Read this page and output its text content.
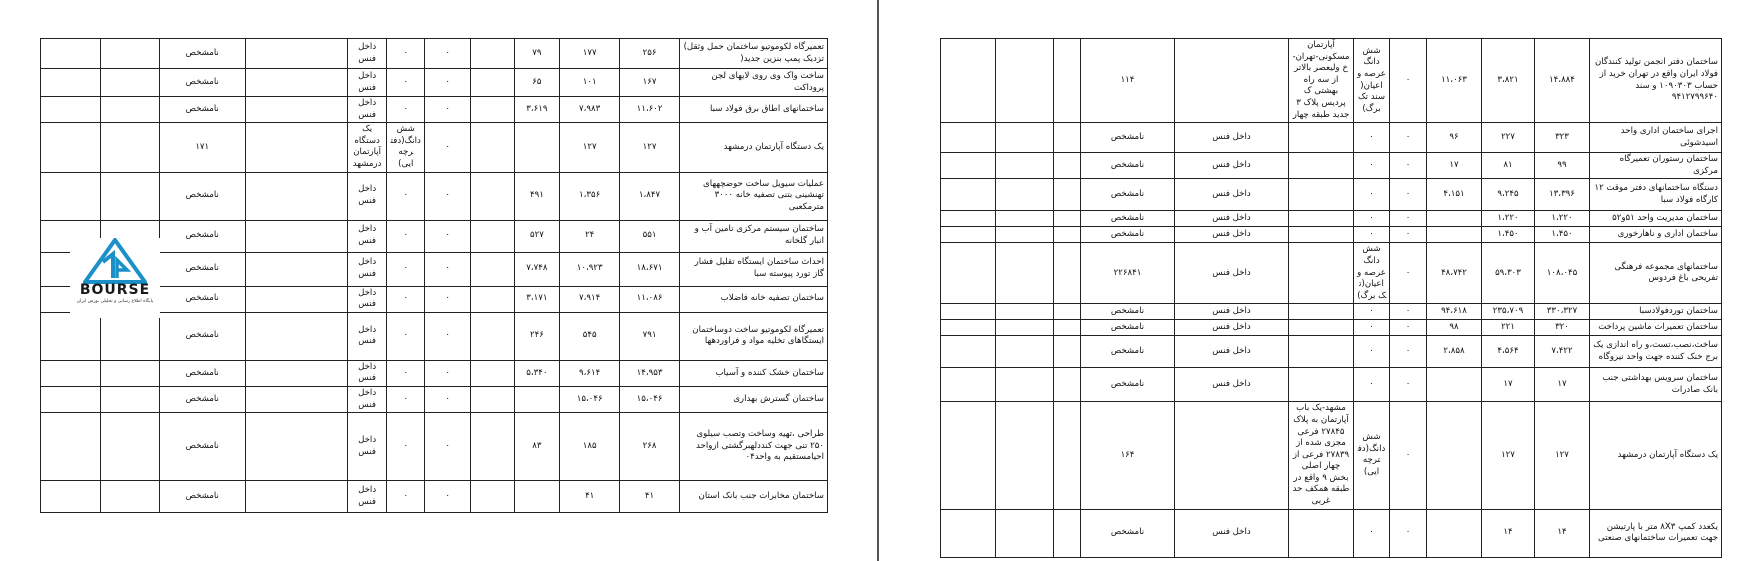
تعمیرگاه لکوموتیو ساختمان حمل وثقل) تزدیک پمپ بنزین جدید(	۲۵۶	۱۷۷	۷۹		۰	۰	داخل فنس		نامشخص		
ساخت واک وی روی لایهای لجن پروداکت	۱۶۷	۱۰۱	۶۵		۰	۰	داخل فنس		نامشخص		
ساختمانهای اطاق برق فولاد سبا	۱۱،۶۰۲	۷،۹۸۳	۳،۶۱۹		۰	۰	داخل فنس		نامشخص		
یک دستگاه آپارتمان درمشهد	۱۲۷	۱۲۷			۰	شش دانگ(دفترچه ایی)	یک دستگاه آپارتمان درمشهد		۱۷۱		
عملیات سیویل ساخت حوضچههای تهنشینی بتنی تصفیه خانه ۳۰۰۰ مترمکعبی	۱،۸۴۷	۱،۳۵۶	۴۹۱		۰	۰	داخل فنس		نامشخص		
ساختمان سیستم مرکزی تامین آب و انبار گلخانه	۵۵۱	۲۴	۵۲۷		۰	۰	داخل فنس		نامشخص		
احداث ساختمان ایستگاه تقلیل فشار گاز تورد پیوسته سبا	۱۸،۶۷۱	۱۰،۹۲۳	۷،۷۴۸		۰	۰	داخل فنس		نامشخص		
ساختمان تصفیه خانه فاضلاب	۱۱،۰۸۶	۷،۹۱۴	۳،۱۷۱		۰	۰	داخل فنس		نامشخص		
تعمیرگاه لکوموتیو ساخت دوساختمان ایستگاهای تخلیه مواد و فراوردهها	۷۹۱	۵۴۵	۲۴۶		۰	۰	داخل فنس		نامشخص		
ساختمان خشک کننده و آسیاب	۱۴،۹۵۳	۹،۶۱۴	۵،۳۴۰		۰	۰	داخل فنس		نامشخص		
ساختمان گسترش بهداری	۱۵،۰۴۶	۱۵،۰۴۶			۰	۰	داخل فنس		نامشخص		
طراحی ،تهیه وساخت وتصب سیلوی ۲۵۰ تنی جهت کنددلهبرگشتی ازواحد احیامستقیم به واحد۰۴	۲۶۸	۱۸۵	۸۳		۰	۰	داخل فنس		نامشخص		
ساختمان مخابرات جنب بانک استان	۴۱	۴۱			۰	۰	داخل فنس		نامشخص		
ساختمان دفتر انجمن تولید کنندگان فولاد ایران واقع در تهران خرید از حساب ۱۰۹۰۳۰۳ و سند ۹۴۱۲۷۹۹۶۴۰	۱۴،۸۸۴	۳،۸۲۱	۱۱،۰۶۳	۰	شش دانگ عرصه و اعیان( سند تک برگ)	آپارتمان مسکونی-تهران-خ ولیعصر بالاتر از سه راه بهشتی ک پردیس پلاک ۳ جدید طبقه چهار		۱۱۴			
اجرای ساختمان اداری واحد اسیدشوئی	۳۲۳	۲۲۷	۹۶	۰	۰		داخل فنس	نامشخص			
ساختمان رستوران تعمیرگاه مرکزی	۹۹	۸۱	۱۷	۰	۰		داخل فنس	نامشخص			
دستگاه ساختمانهای دفتر موقت ۱۲ کارگاه فولاد سبا	۱۳،۳۹۶	۹،۲۴۵	۴،۱۵۱	۰	۰		داخل فنس	نامشخص			
ساختمان مدیریت واحد ۵۱و۵۲	۱،۲۲۰	۱،۲۲۰		۰	۰		داخل فنس	نامشخص			
ساختمان اداری و ناهارخوری	۱،۴۵۰	۱،۴۵۰		۰	۰		داخل فنس	نامشخص			
ساختمانهای مجموعه فرهنگی تفریحی باغ فردوس	۱۰۸،۰۴۵	۵۹،۳۰۳	۴۸،۷۴۲	۰	شش دانگ عرصه و اعیان(تک برگ)		داخل فنس	۲۲۶۸۴۱			
ساختمان توردفولادسبا	۳۳۰،۳۲۷	۲۳۵،۷۰۹	۹۴،۶۱۸	۰	۰		داخل فنس	نامشخص			
ساختمان تعمیرات ماشین پرداخت	۳۲۰	۲۲۱	۹۸	۰	۰		داخل فنس	نامشخص			
ساخت،نصب،تست،و راه اندازی یک برج خنک کننده جهت واحد نیروگاه	۷،۴۲۲	۴،۵۶۴	۲،۸۵۸	۰	۰		داخل فنس	نامشخص			
ساختمان سرویس بهداشتی جنب بانک صادرات	۱۷	۱۷		۰	۰		داخل فنس	نامشخص			
یک دستگاه آپارتمان درمشهد	۱۲۷	۱۲۷		۰	شش دانگ(دفترچه ایی)	مشهد-یک باب آپارتمان به پلاک ۲۷۸۴۵ فرعی مجزی شده از ۲۷۸۳۹ فرعی از چهار اصلی بخش ۹ واقع در طبقه همکف حد غربی		۱۶۴			
یکعدد کمپ ۸X۳ متر با پارتیشن جهت تعمیرات ساختمانهای صنعتی	۱۴	۱۴		۰	۰		داخل فنس	نامشخص			
BOURSE
پایگاه اطلاع رسانی و تحلیلی بورس ایران
